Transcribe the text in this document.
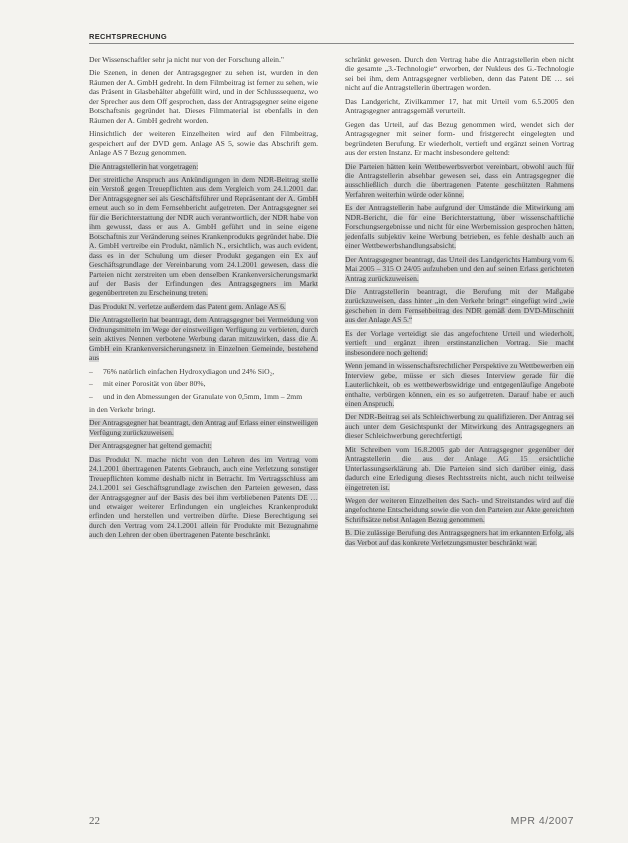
RECHTSPRECHUNG

Der Wissenschaftler sehr ja nicht nur von der Forschung allein."

Die Szenen, in denen der Antragsgegner zu sehen ist, wurden in den Räumen der A. GmbH gedreht. In dem Filmbeitrag ist ferner zu sehen, wie das Präsent in Glasbehälter abgefüllt wird, und in der Schlusssequenz, wo der Sprecher aus dem Off gesprochen, dass der Antragsgegner seine eigene Botschaftsnis gegründet hat. Dieses Filmmaterial ist ebenfalls in den Räumen der A. GmbH gedreht worden.

Hinsichtlich der weiteren Einzelheiten wird auf den Filmbeitrag, gespeichert auf der DVD gem. Anlage AS 5, sowie das Abschrift gem. Anlage AS 7 Bezug genommen.

Die Antragstellerin hat vorgetragen:

Der streitliche Anspruch aus Ankündigungen in dem NDR-Beitrag stelle ein Verstoß gegen Treuepflichten aus dem Vergleich vom 24.1.2001 dar. Der Antragsgegner sei als Geschäftsführer und Repräsentant der A. GmbH erneut auch so in dem Fernsehbericht aufgetreten. Der Antragsgegner sei für die Berichterstattung der NDR auch verantwortlich, der NDR habe von ihm gewusst, dass er aus A. GmbH geführt und in seine eigene Botschaftnis zur Veränderung seines Krankenprodukts gegründet habe. Die A. GmbH vertreibe ein Produkt, nämlich N., ersichtlich, was auch evident, dass es in der Schulung um dieser Produkt gegangen ein Ex auf Geschäftsgrundlage der Vereinbarung vom 24.1.2001 gewesen, dass die Parteien nicht zerstreiten um eben denselben Krankenversicherungsmarkt auf der Basis der Erfindungen des Antragsgegners im Markt gegenübertreten zu Erscheinung treten.

Das Produkt N. verletze außerdem das Patent gem. Anlage AS 6.

Die Antragstellerin hat beantragt, dem Antragsgegner bei Vermeidung von Ordnungsmitteln im Wege der einstweiligen Verfügung zu verbieten, durch sein aktives Nennen verbotene Werbung daran mitzuwirken, dass die A. GmbH ein Krankenversicherungsnetz in Einzelnen Gemeinde, bestehend aus

– 76% natürlich einfachen Hydroxydiagon und 24% SiO₂,
– mit einer Porosität von über 80%,
– und in den Abmessungen der Granulate von 0,5mm, 1mm – 2mm

in den Verkehr bringt.

Der Antragsgegner hat beantragt, den Antrag auf Erlass einer einstweiligen Verfügung zurückzuweisen.

Der Antragsgegner hat geltend gemacht:

Das Produkt N. mache nicht von den Lehren des im Vertrag vom 24.1.2001 übertragenen Patents Gebrauch, auch eine Verletzung sonstiger Treuepflichten komme deshalb nicht in Betracht. Im Vertragsschluss am 24.1.2001 sei Geschäftsgrundlage zwischen den Parteien gewesen, dass der Antragsgegner auf der Basis des bei ihm verbliebenen Patents DE … und etwaiger weiterer Erfindungen ein ungleiches Krankenprodukt erfinden und herstellen und vertreiben dürfte. Diese Berechtigung sei durch den Vertrag vom 24.1.2001 allein für Produkte mit Bezugnahme auch den Lehren der oben übertragenen Patente beschränkt.

schränkt gewesen. Durch den Vertrag habe die Antragstellerin eben nicht die gesamte „3.-Technologie“ erworben, der Nukleus des G.-Technologie sei bei ihm, dem Antragsgegner verblieben, denn das Patent DE … sei nicht auf die Antragstellerin übertragen worden.

Das Landgericht, Zivilkammer 17, hat mit Urteil vom 6.5.2005 den Antragsgegner antragsgemäß verurteilt.

Gegen das Urteil, auf das Bezug genommen wird, wendet sich der Antragsgegner mit seiner form- und fristgerecht eingelegten und begründeten Berufung. Er wiederholt, vertieft und ergänzt seinen Vortrag aus der ersten Instanz. Er macht insbesondere geltend:

Die Parteien hätten kein Wettbewerbsverbot vereinbart, obwohl auch für die Antragstellerin absehbar gewesen sei, dass ein Antragsgegner die ausschließlich durch die übertragenen Patente geschützten Rahmens Verfahren weiterhin würde oder könne.

Es der Antragstellerin habe aufgrund der Umstände die Mitwirkung am NDR-Bericht, die für eine Berichterstattung, über wissenschaftliche Forschungsergebnisse und nicht für eine Werbemission gesprochen hätten, jedenfalls subjektiv keine Werbung betrieben, es fehle deshalb auch an einer Wettbewerbshandlungsabsicht.

Der Antragsgegner beantragt, das Urteil des Landgerichts Hamburg vom 6. Mai 2005 – 315 O 24/05 aufzuheben und den auf seinen Erlass gerichteten Antrag zurückzuweisen.

Die Antragstellerin beantragt, die Berufung mit der Maßgabe zurückzuweisen, dass hinter „in den Verkehr bringt“ eingefügt wird „wie geschehen in dem Fernsehbeitrag des NDR gemäß dem DVD-Mitschnitt aus der Anlage AS 5.“

Es der Vorlage verteidigt sie das angefochtene Urteil und wiederholt, vertieft und ergänzt ihren erstinstanzlichen Vortrag. Sie macht insbesondere noch geltend:

Wenn jemand in wissenschaftsrechtlicher Perspektive zu Wettbewerben ein Interview gebe, müsse er sich dieses Interview gerade für die Lauterlichkeit, ob es wettbewerbswidrige und entgegenläufige Angebote enthalte, verbürgen können, ein es so aufgetreten. Darauf habe er auch einen Anspruch.

Der NDR-Beitrag sei als Schleichwerbung zu qualifizieren. Der Antrag sei auch unter dem Gesichtspunkt der Mitwirkung des Antragsgegners an dieser Schleichwerbung gerechtfertigt.

Mit Schreiben vom 16.8.2005 gab der Antragsgegner gegenüber der Antragstellerin die aus der Anlage AG 15 ersichtliche Unterlassungserklärung ab. Die Parteien sind sich darüber einig, dass dadurch eine Erledigung dieses Rechtsstreits nicht, auch nicht teilweise eingetreten ist.

Wegen der weiteren Einzelheiten des Sach- und Streitstandes wird auf die angefochtene Entscheidung sowie die von den Parteien zur Akte gereichten Schriftsätze nebst Anlagen Bezug genommen.

B. Die zulässige Berufung des Antragsgegners hat im erkannten Erfolg, als das Verbot auf das konkrete Verletzungsmuster beschränkt war.

22	MPR 4/2007
